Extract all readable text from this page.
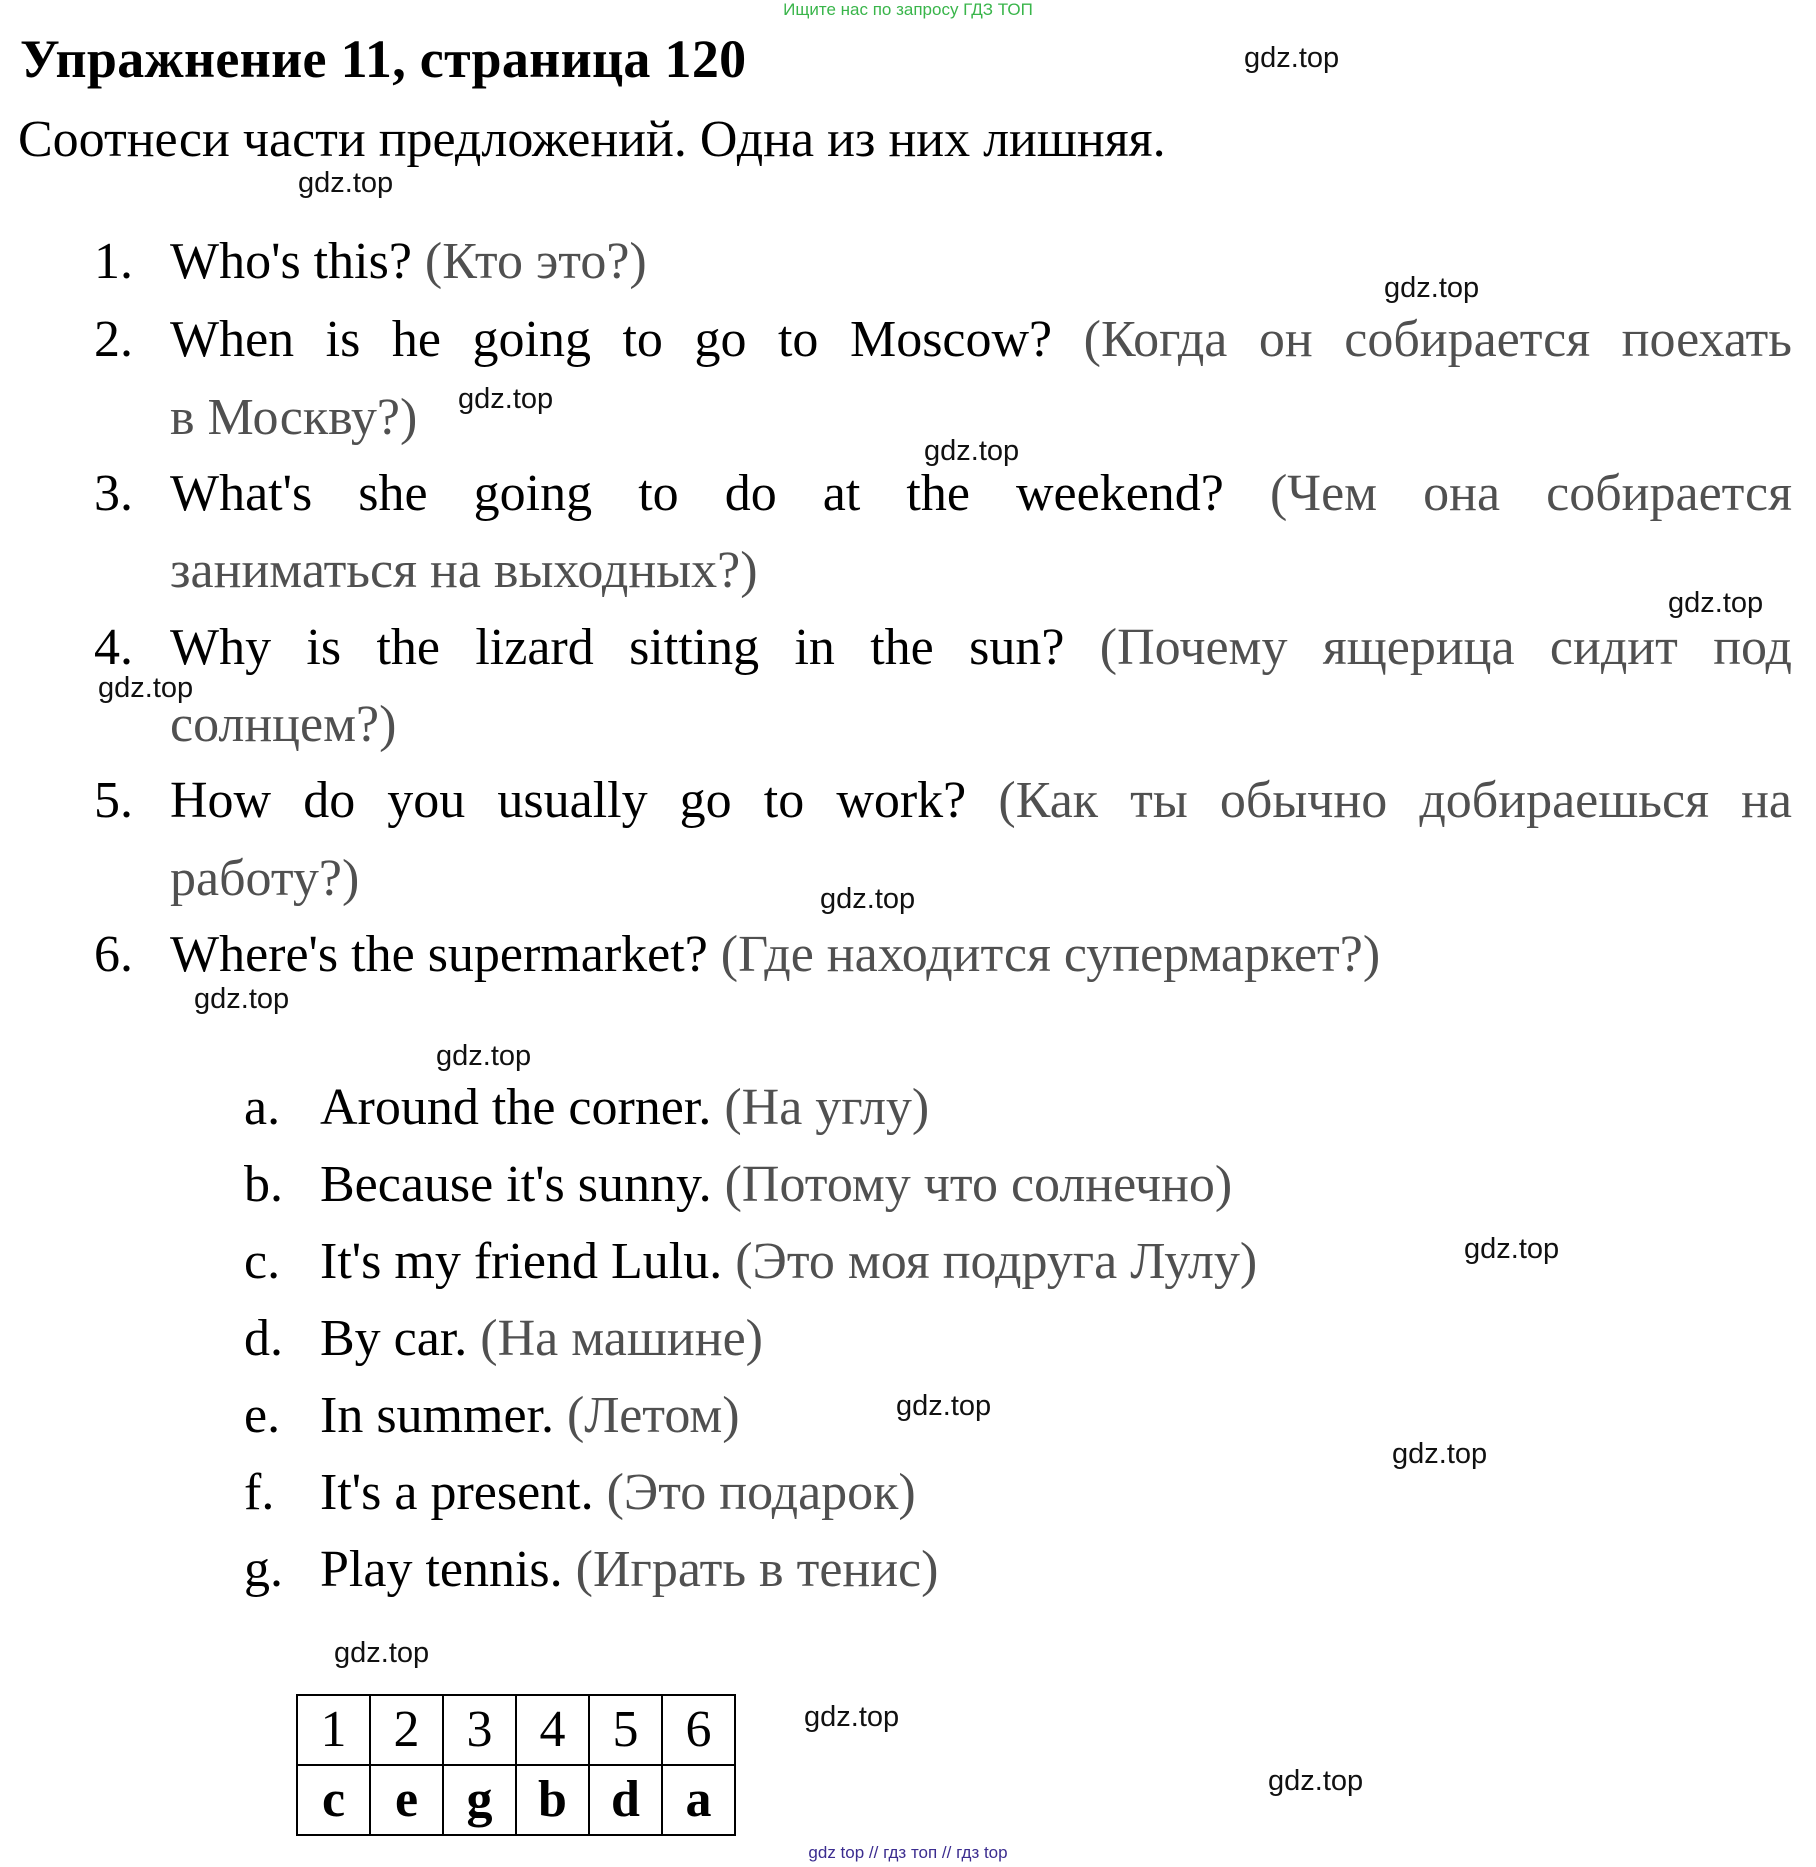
Ищите нас по запросу ГДЗ ТОП
Упражнение 11, страница 120
Соотнеси части предложений. Одна из них лишняя.
1. Who's this? (Кто это?)
2. When is he going to go to Moscow? (Когда он собирается поехать
в Москву?)
3. What's she going to do at the weekend? (Чем она собирается
заниматься на выходных?)
4. Why is the lizard sitting in the sun? (Почему ящерица сидит под
солнцем?)
5. How do you usually go to work? (Как ты обычно добираешься на
работу?)
6. Where's the supermarket? (Где находится супермаркет?)
a. Around the corner. (На углу)
b. Because it's sunny. (Потому что солнечно)
c. It's my friend Lulu. (Это моя подруга Лулу)
d. By car. (На машине)
e. In summer. (Летом)
f. It's a present. (Это подарок)
g. Play tennis. (Играть в тенис)
1	2	3	4	5	6
c	e	g	b	d	a
gdz.top
gdz.top
gdz.top
gdz.top
gdz.top
gdz.top
gdz.top
gdz.top
gdz.top
gdz.top
gdz.top
gdz.top
gdz.top
gdz.top
gdz.top
gdz.top
gdz top // гдз топ // гдз top
